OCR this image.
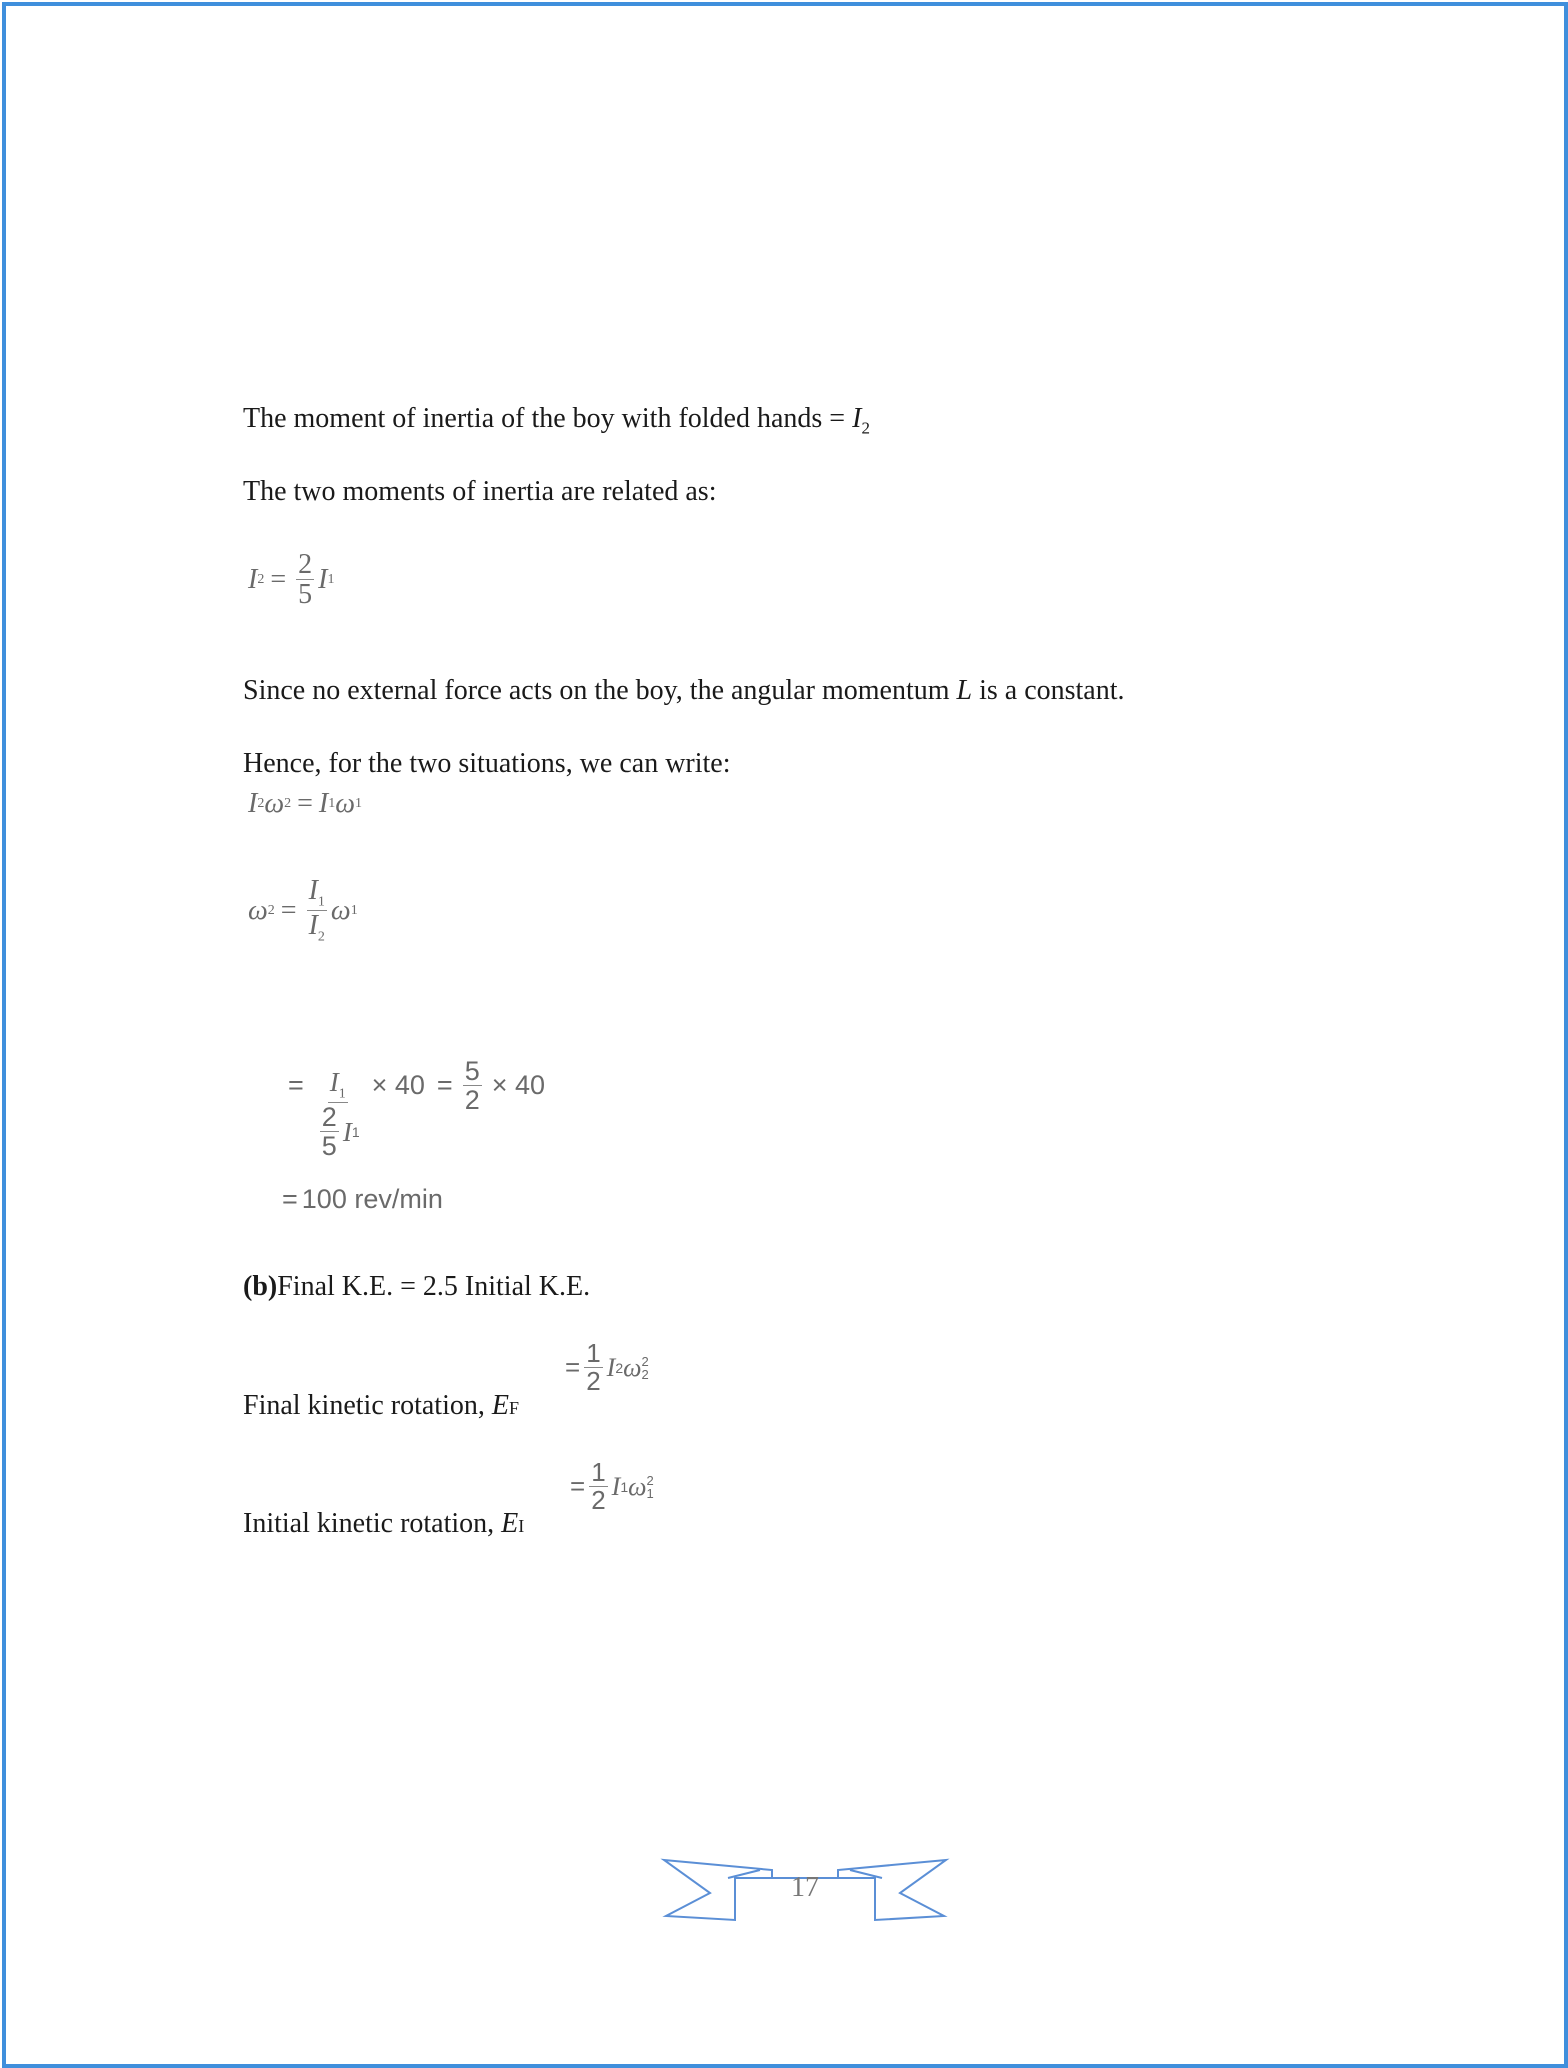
The moment of inertia of the boy with folded hands = $I_2$
The two moments of inertia are related as:
I $2 = \frac{2}{5}$ I 1
Since no external force acts on the boy, the angular momentum L is a constant.
Hence, for the two situations, we can write:
I 2 ω 2 = I 1 ω 1
ω $2 = \frac{I_1}{I_2}$ ω 1
= $\frac{I_1}{\frac{2}{5} I 1} \times 40 = \frac{5}{2} \times 40$
= 100 rev/min
(b)Final K.E. = 2.5 Initial K.E.
Final kinetic rotation, EF
= $\frac{1}{2}$ I 2 ω 2
2
Initial kinetic rotation, EI
= $\frac{1}{2}$ I 1 ω 2
1
17
